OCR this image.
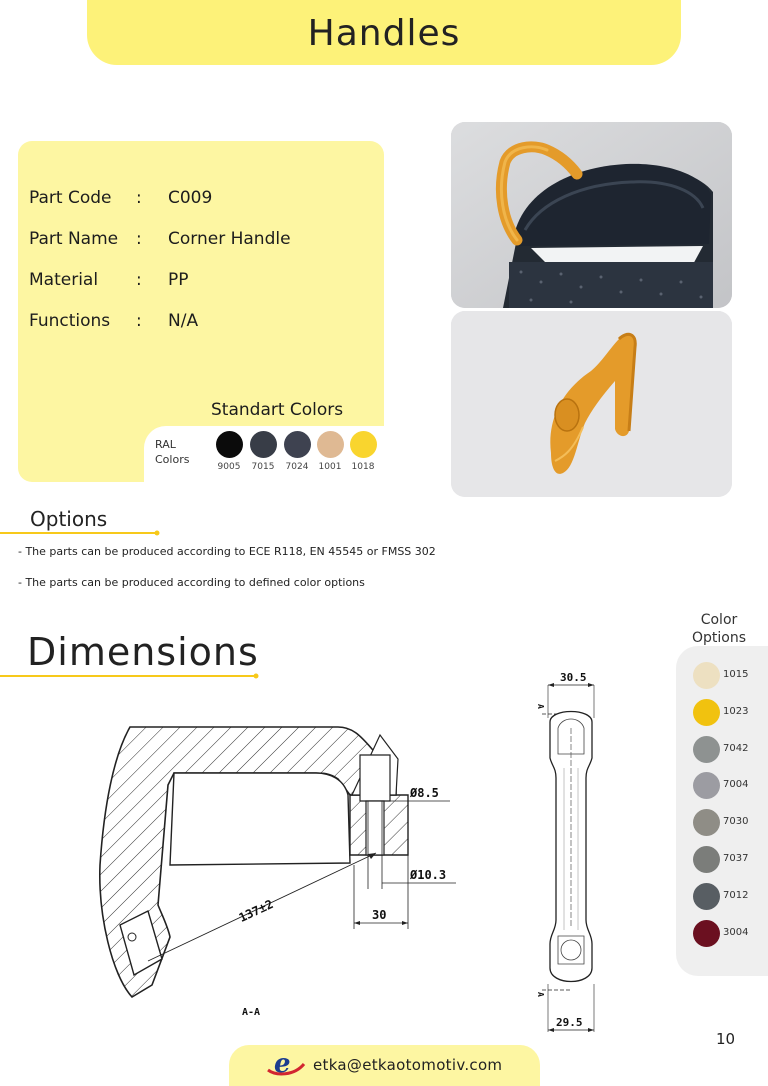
Handles
Part Code	: C009
Part Name	: Corner Handle
Material	: PP
Functions	: N/A
Standart Colors
RAL
Colors
9005	7015	7024	1001	1018
Options
- The parts can be produced according to ECE R118, EN 45545 or FMSS 302
- The parts can be produced according to defined color options
Dimensions
Ø8.5
Ø10.3
30
137±2
A-A
30.5
A
A
29.5
Color
Options
1015
1023
7042
7004
7030
7037
7012
3004
10
e etka@etkaotomotiv.com
